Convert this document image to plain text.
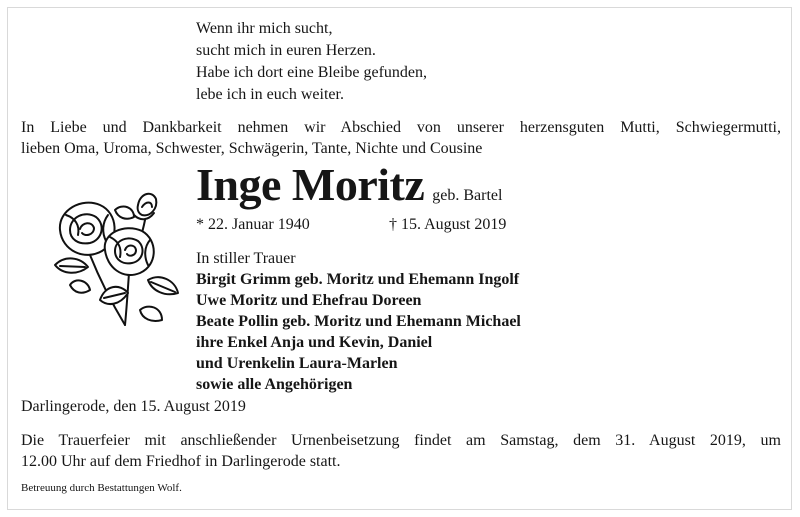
Wenn ihr mich sucht,
sucht mich in euren Herzen.
Habe ich dort eine Bleibe gefunden,
lebe ich in euch weiter.
In Liebe und Dankbarkeit nehmen wir Abschied von unserer herzensguten Mutti, Schwiegermutti,
lieben Oma, Uroma, Schwester, Schwägerin, Tante, Nichte und Cousine
Inge Moritz geb. Bartel
* 22. Januar 1940	† 15. August 2019
In stiller Trauer
Birgit Grimm geb. Moritz und Ehemann Ingolf
Uwe Moritz und Ehefrau Doreen
Beate Pollin geb. Moritz und Ehemann Michael
ihre Enkel Anja und Kevin, Daniel
und Urenkelin Laura-Marlen
sowie alle Angehörigen
Darlingerode, den 15. August 2019
Die Trauerfeier mit anschließender Urnenbeisetzung findet am Samstag, dem 31. August 2019, um
12.00 Uhr auf dem Friedhof in Darlingerode statt.
Betreuung durch Bestattungen Wolf.
